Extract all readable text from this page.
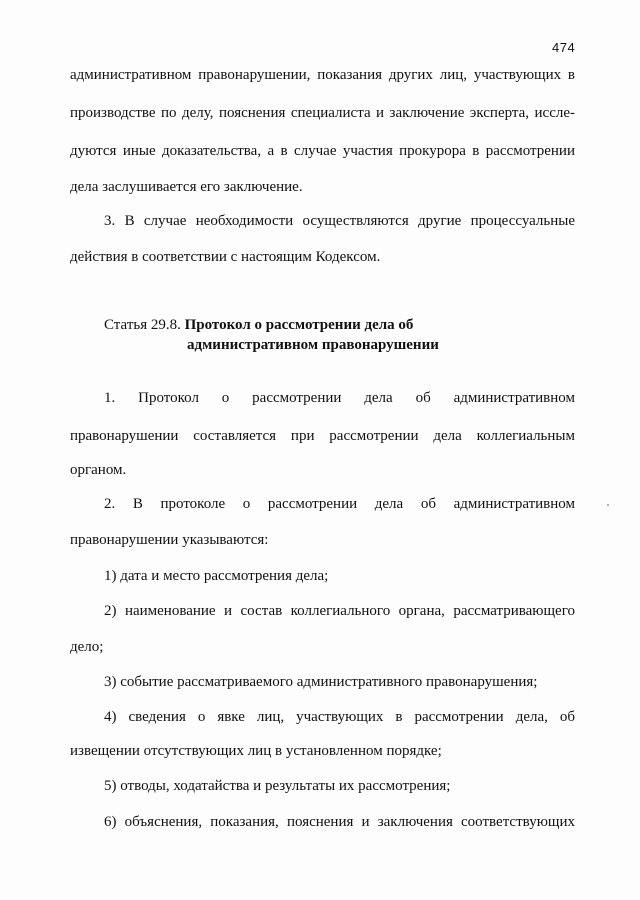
474
административном правонарушении, показания других лиц, участвующих в
производстве по делу, пояснения специалиста и заключение эксперта, иссле-
дуются иные доказательства, а в случае участия прокурора в рассмотрении
дела заслушивается его заключение.
3. В случае необходимости осуществляются другие процессуальные
действия в соответствии с настоящим Кодексом.
Статья 29.8. Протокол о рассмотрении дела об
административном правонарушении
1. Протокол о рассмотрении дела об административном
правонарушении составляется при рассмотрении дела коллегиальным
органом.
2. В протоколе о рассмотрении дела об административном
правонарушении указываются:
1) дата и место рассмотрения дела;
2) наименование и состав коллегиального органа, рассматривающего
дело;
3) событие рассматриваемого административного правонарушения;
4) сведения о явке лиц, участвующих в рассмотрении дела, об
извещении отсутствующих лиц в установленном порядке;
5) отводы, ходатайства и результаты их рассмотрения;
6) объяснения, показания, пояснения и заключения соответствующих
